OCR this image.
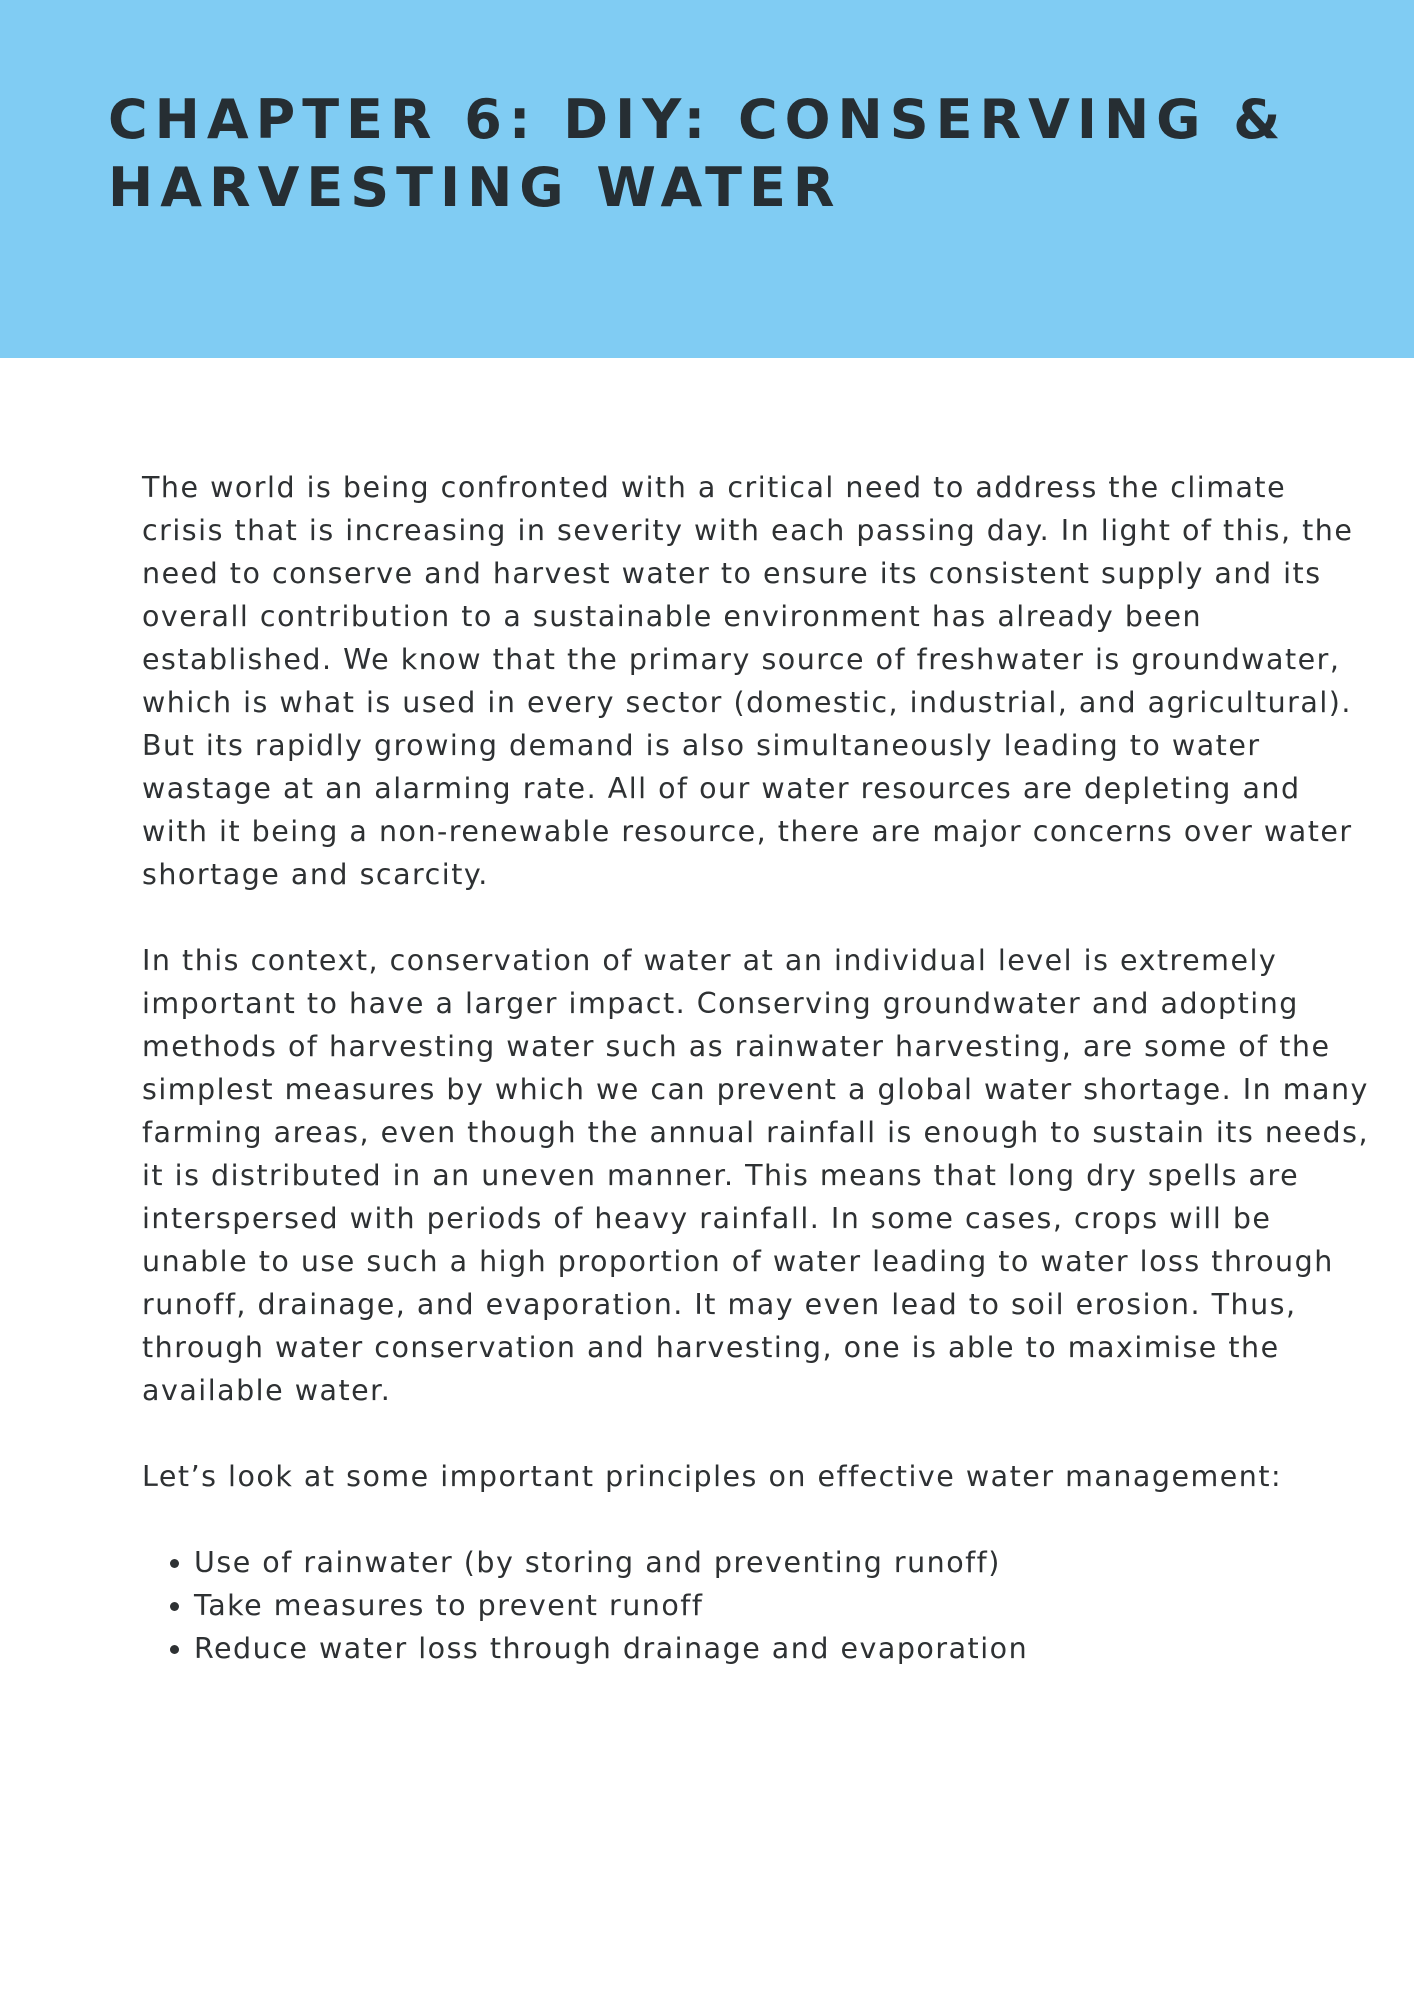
CHAPTER 6: DIY: CONSERVING & HARVESTING WATER

The world is being confronted with a critical need to address the climate crisis that is increasing in severity with each passing day. In light of this, the need to conserve and harvest water to ensure its consistent supply and its overall contribution to a sustainable environment has already been established. We know that the primary source of freshwater is groundwater, which is what is used in every sector (domestic, industrial, and agricultural). But its rapidly growing demand is also simultaneously leading to water wastage at an alarming rate. All of our water resources are depleting and with it being a non-renewable resource, there are major concerns over water shortage and scarcity.

In this context, conservation of water at an individual level is extremely important to have a larger impact. Conserving groundwater and adopting methods of harvesting water such as rainwater harvesting, are some of the simplest measures by which we can prevent a global water shortage. In many farming areas, even though the annual rainfall is enough to sustain its needs, it is distributed in an uneven manner. This means that long dry spells are interspersed with periods of heavy rainfall. In some cases, crops will be unable to use such a high proportion of water leading to water loss through runoff, drainage, and evaporation. It may even lead to soil erosion. Thus, through water conservation and harvesting, one is able to maximise the available water.

Let’s look at some important principles on effective water management:

• Use of rainwater (by storing and preventing runoff)
• Take measures to prevent runoff
• Reduce water loss through drainage and evaporation
